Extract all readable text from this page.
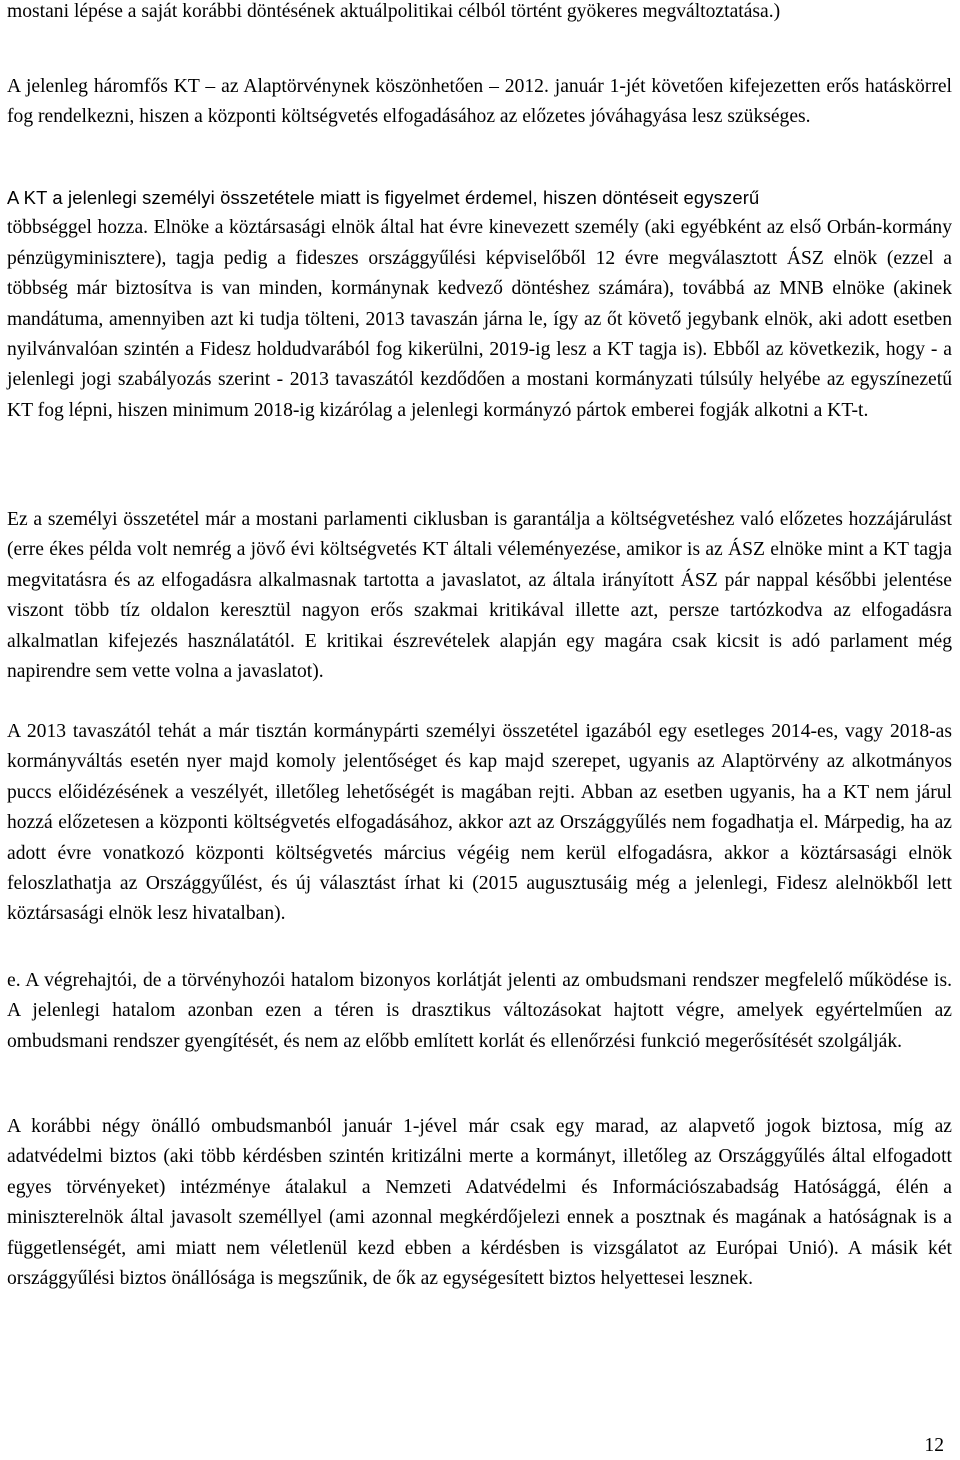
mostani lépése a saját korábbi döntésének aktuálpolitikai célból történt gyökeres megváltoztatása.)

A jelenleg háromfős KT – az Alaptörvénynek köszönhetően – 2012. január 1-jét követően kifejezetten erős hatáskörrel fog rendelkezni, hiszen a központi költségvetés elfogadásához az előzetes jóváhagyása lesz szükséges.

A KT a jelenlegi személyi összetétele miatt is figyelmet érdemel, hiszen döntéseit egyszerű

többséggel hozza. Elnöke a köztársasági elnök által hat évre kinevezett személy (aki egyébként az első Orbán-kormány pénzügyminisztere), tagja pedig a fideszes országgyűlési képviselőből 12 évre megválasztott ÁSZ elnök (ezzel a többség már biztosítva is van minden, kormánynak kedvező döntéshez számára), továbbá az MNB elnöke (akinek mandátuma, amennyiben azt ki tudja tölteni, 2013 tavaszán járna le, így az őt követő jegybank elnök, aki adott esetben nyilvánvalóan szintén a Fidesz holdudvarából fog kikerülni, 2019-ig lesz a KT tagja is). Ebből az következik, hogy - a jelenlegi jogi szabályozás szerint - 2013 tavaszától kezdődően a mostani kormányzati túlsúly helyébe az egyszínezetű KT fog lépni, hiszen minimum 2018-ig kizárólag a jelenlegi kormányzó pártok emberei fogják alkotni a KT-t.

Ez a személyi összetétel már a mostani parlamenti ciklusban is garantálja a költségvetéshez való előzetes hozzájárulást (erre ékes példa volt nemrég a jövő évi költségvetés KT általi véleményezése, amikor is az ÁSZ elnöke mint a KT tagja megvitatásra és az elfogadásra alkalmasnak tartotta a javaslatot, az általa irányított ÁSZ pár nappal későbbi jelentése viszont több tíz oldalon keresztül nagyon erős szakmai kritikával illette azt, persze tartózkodva az elfogadásra alkalmatlan kifejezés használatától. E kritikai észrevételek alapján egy magára csak kicsit is adó parlament még napirendre sem vette volna a javaslatot).

A 2013 tavaszától tehát a már tisztán kormánypárti személyi összetétel igazából egy esetleges 2014-es, vagy 2018-as kormányváltás esetén nyer majd komoly jelentőséget és kap majd szerepet, ugyanis az Alaptörvény az alkotmányos puccs előidézésének a veszélyét, illetőleg lehetőségét is magában rejti. Abban az esetben ugyanis, ha a KT nem járul hozzá előzetesen a központi költségvetés elfogadásához, akkor azt az Országgyűlés nem fogadhatja el. Márpedig, ha az adott évre vonatkozó központi költségvetés március végéig nem kerül elfogadásra, akkor a köztársasági elnök feloszlathatja az Országgyűlést, és új választást írhat ki (2015 augusztusáig még a jelenlegi, Fidesz alelnökből lett köztársasági elnök lesz hivatalban).

e. A végrehajtói, de a törvényhozói hatalom bizonyos korlátját jelenti az ombudsmani rendszer megfelelő működése is. A jelenlegi hatalom azonban ezen a téren is drasztikus változásokat hajtott végre, amelyek egyértelműen az ombudsmani rendszer gyengítését, és nem az előbb említett korlát és ellenőrzési funkció megerősítését szolgálják.

A korábbi négy önálló ombudsmanból január 1-jével már csak egy marad, az alapvető jogok biztosa, míg az adatvédelmi biztos (aki több kérdésben szintén kritizálni merte a kormányt, illetőleg az Országgyűlés által elfogadott egyes törvényeket) intézménye átalakul a Nemzeti Adatvédelmi és Információszabadság Hatósággá, élén a miniszterelnök által javasolt személlyel (ami azonnal megkérdőjelezi ennek a posztnak és magának a hatóságnak is a függetlenségét, ami miatt nem véletlenül kezd ebben a kérdésben is vizsgálatot az Európai Unió). A másik két országgyűlési biztos önállósága is megszűnik, de ők az egységesített biztos helyettesei lesznek.

12
